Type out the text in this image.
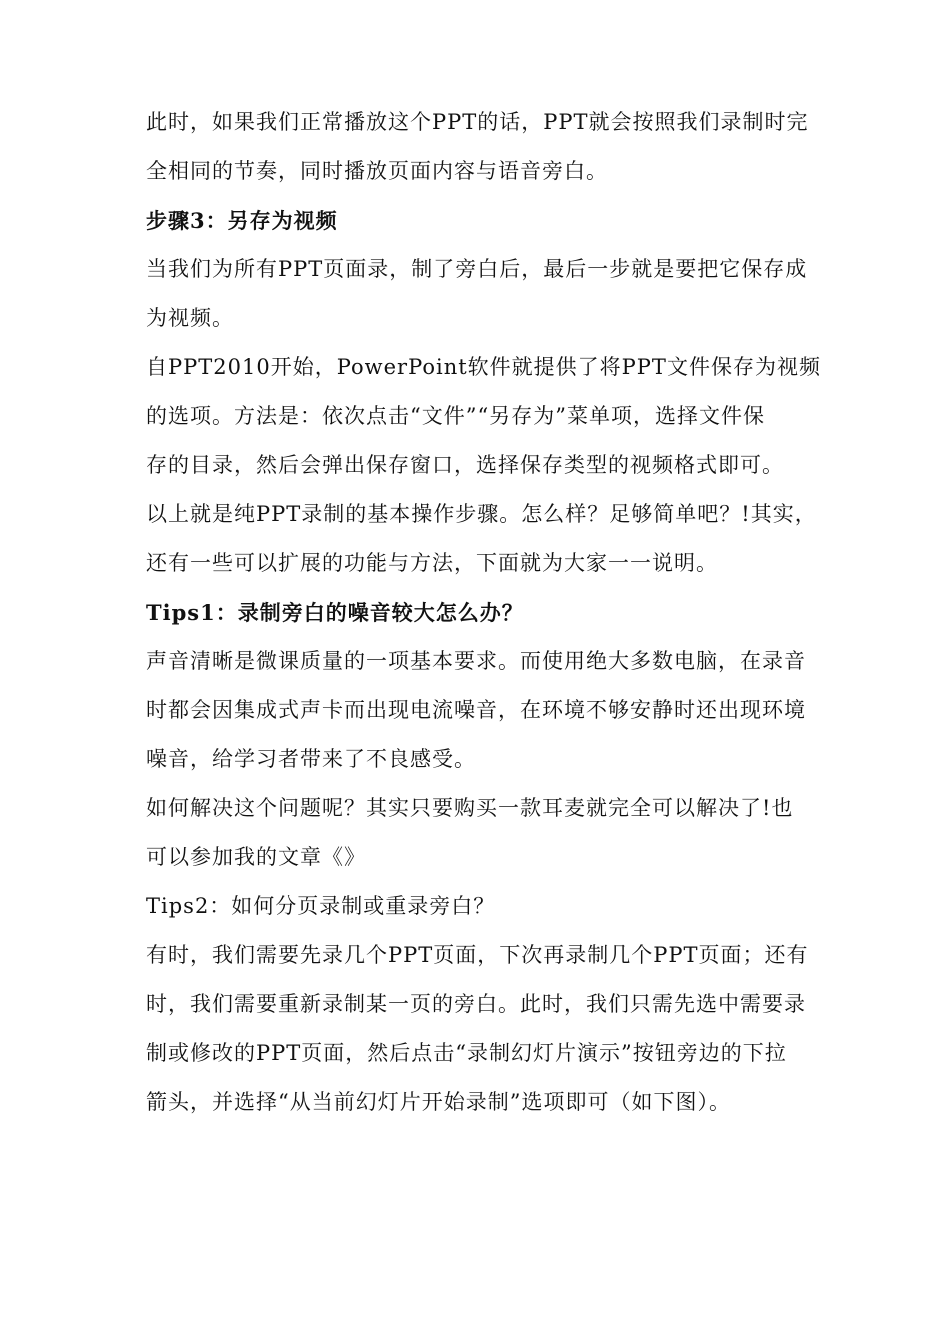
此时，如果我们正常播放这个PPT的话，PPT就会按照我们录制时完
全相同的节奏，同时播放页面内容与语音旁白。
步骤3：另存为视频
当我们为所有PPT页面录，制了旁白后，最后一步就是要把它保存成
为视频。
自PPT2010开始，PowerPoint软件就提供了将PPT文件保存为视频
的选项。方法是：依次点击“文件”“另存为”菜单项，选择文件保
存的目录，然后会弹出保存窗口，选择保存类型的视频格式即可。
以上就是纯PPT录制的基本操作步骤。怎么样？足够简单吧？!其实，
还有一些可以扩展的功能与方法，下面就为大家一一说明。
Tips1：录制旁白的噪音较大怎么办？
声音清晰是微课质量的一项基本要求。而使用绝大多数电脑，在录音
时都会因集成式声卡而出现电流噪音，在环境不够安静时还出现环境
噪音，给学习者带来了不良感受。
如何解决这个问题呢？其实只要购买一款耳麦就完全可以解决了!也
可以参加我的文章《》
Tips2：如何分页录制或重录旁白？
有时，我们需要先录几个PPT页面，下次再录制几个PPT页面；还有
时，我们需要重新录制某一页的旁白。此时，我们只需先选中需要录
制或修改的PPT页面，然后点击“录制幻灯片演示”按钮旁边的下拉
箭头，并选择“从当前幻灯片开始录制”选项即可（如下图）。
